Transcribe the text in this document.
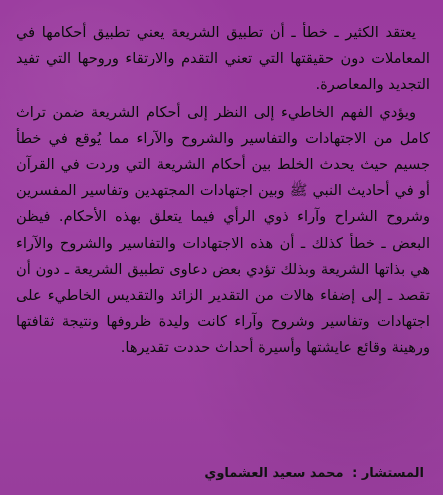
يعتقد الكثير ـ خطأ ـ أن تطبيق الشريعة يعني تطبيق أحكامها في المعاملات دون حقيقتها التي تعني التقدم والارتقاء وروحها التي تفيد التجديد والمعاصرة.

ويؤدي الفهم الخاطيء إلى النظر إلى أحكام الشريعة ضمن تراث كامل من الاجتهادات والتفاسير والشروح والآراء مما يُوقع في خطأ جسيم حيث يحدث الخلط بين أحكام الشريعة التي وردت في القرآن أو في أحاديث النبي ﷺ وبين اجتهادات المجتهدين وتفاسير المفسرين وشروح الشراح وآراء ذوي الرأي فيما يتعلق بهذه الأحكام. فيظن البعض ـ خطأ كذلك ـ أن هذه الاجتهادات والتفاسير والشروح والآراء هي بذاتها الشريعة وبذلك تؤدي بعض دعاوى تطبيق الشريعة ـ دون أن تقصد ـ إلى إضفاء هالات من التقدير الزائد والتقديس الخاطيء على اجتهادات وتفاسير وشروح وآراء كانت وليدة ظروفها ونتيجة ثقافتها ورهينة وقائع عايشتها وأسيرة أحداث حددت تقديرها.

المستشار : محمد سعيد العشماوي
